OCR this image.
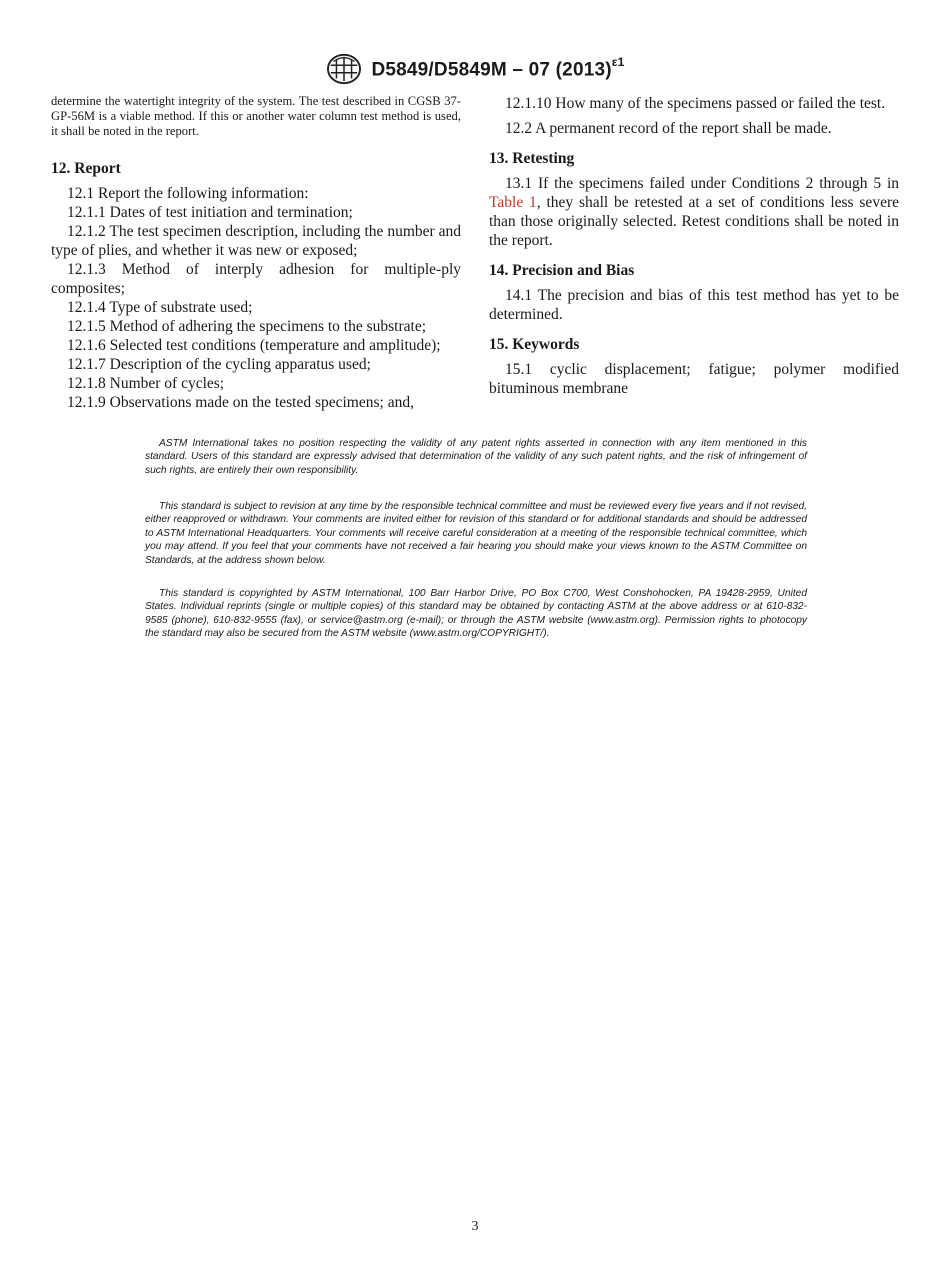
D5849/D5849M – 07 $(2013)^{\varepsilon 1}$

determine the watertight integrity of the system. The test described in CGSB 37-GP-56M is a viable method. If this or another water column test method is used, it shall be noted in the report.

12. Report

12.1 Report the following information:

12.1.1 Dates of test initiation and termination;

12.1.2 The test specimen description, including the number and type of plies, and whether it was new or exposed;

12.1.3 Method of interply adhesion for multiple-ply composites;

12.1.4 Type of substrate used;

12.1.5 Method of adhering the specimens to the substrate;

12.1.6 Selected test conditions (temperature and amplitude);

12.1.7 Description of the cycling apparatus used;

12.1.8 Number of cycles;

12.1.9 Observations made on the tested specimens; and,

12.1.10 How many of the specimens passed or failed the test.

12.2 A permanent record of the report shall be made.

13. Retesting

13.1 If the specimens failed under Conditions 2 through 5 in Table 1, they shall be retested at a set of conditions less severe than those originally selected. Retest conditions shall be noted in the report.

14. Precision and Bias

14.1 The precision and bias of this test method has yet to be determined.

15. Keywords

15.1 cyclic displacement; fatigue; polymer modified bituminous membrane

ASTM International takes no position respecting the validity of any patent rights asserted in connection with any item mentioned in this standard. Users of this standard are expressly advised that determination of the validity of any such patent rights, and the risk of infringement of such rights, are entirely their own responsibility.
This standard is subject to revision at any time by the responsible technical committee and must be reviewed every five years and if not revised, either reapproved or withdrawn. Your comments are invited either for revision of this standard or for additional standards and should be addressed to ASTM International Headquarters. Your comments will receive careful consideration at a meeting of the responsible technical committee, which you may attend. If you feel that your comments have not received a fair hearing you should make your views known to the ASTM Committee on Standards, at the address shown below.
This standard is copyrighted by ASTM International, 100 Barr Harbor Drive, PO Box C700, West Conshohocken, PA 19428-2959, United States. Individual reprints (single or multiple copies) of this standard may be obtained by contacting ASTM at the above address or at 610-832-9585 (phone), 610-832-9555 (fax), or service@astm.org (e-mail); or through the ASTM website (www.astm.org). Permission rights to photocopy the standard may also be secured from the ASTM website (www.astm.org/COPYRIGHT/).
3
